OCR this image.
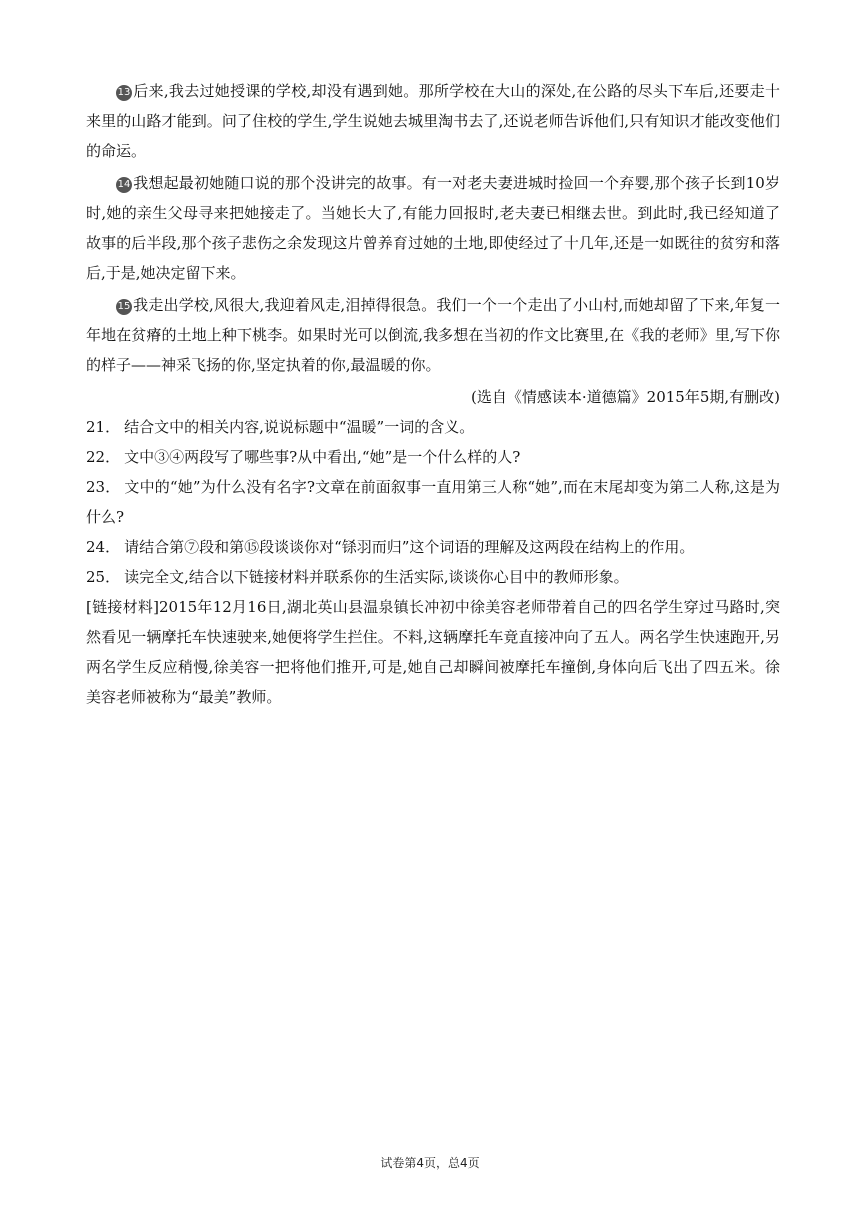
13 后来,我去过她授课的学校,却没有遇到她。那所学校在大山的深处,在公路的尽头下车后,还要走十来里的山路才能到。问了住校的学生,学生说她去城里淘书去了,还说老师告诉他们,只有知识才能改变他们的命运。

14 我想起最初她随口说的那个没讲完的故事。有一对老夫妻进城时捡回一个弃婴,那个孩子长到10岁时,她的亲生父母寻来把她接走了。当她长大了,有能力回报时,老夫妻已相继去世。到此时,我已经知道了故事的后半段,那个孩子悲伤之余发现这片曾养育过她的土地,即使经过了十几年,还是一如既往的贫穷和落后,于是,她决定留下来。

15 我走出学校,风很大,我迎着风走,泪掉得很急。我们一个一个走出了小山村,而她却留了下来,年复一年地在贫瘠的土地上种下桃李。如果时光可以倒流,我多想在当初的作文比赛里,在《我的老师》里,写下你的样子——神采飞扬的你,坚定执着的你,最温暖的你。

(选自《情感读本·道德篇》2015年5期,有删改)

21． 结合文中的相关内容,说说标题中“温暖”一词的含义。

22． 文中③④两段写了哪些事?从中看出,“她”是一个什么样的人?

23． 文中的“她”为什么没有名字?文章在前面叙事一直用第三人称“她”,而在末尾却变为第二人称,这是为什么?

24． 请结合第⑦段和第⑮段谈谈你对“铩羽而归”这个词语的理解及这两段在结构上的作用。

25． 读完全文,结合以下链接材料并联系你的生活实际,谈谈你心目中的教师形象。

[链接材料]2015年12月16日,湖北英山县温泉镇长冲初中徐美容老师带着自己的四名学生穿过马路时,突然看见一辆摩托车快速驶来,她便将学生拦住。不料,这辆摩托车竟直接冲向了五人。两名学生快速跑开,另两名学生反应稍慢,徐美容一把将他们推开,可是,她自己却瞬间被摩托车撞倒,身体向后飞出了四五米。徐美容老师被称为“最美”教师。

试卷第4页，总4页
